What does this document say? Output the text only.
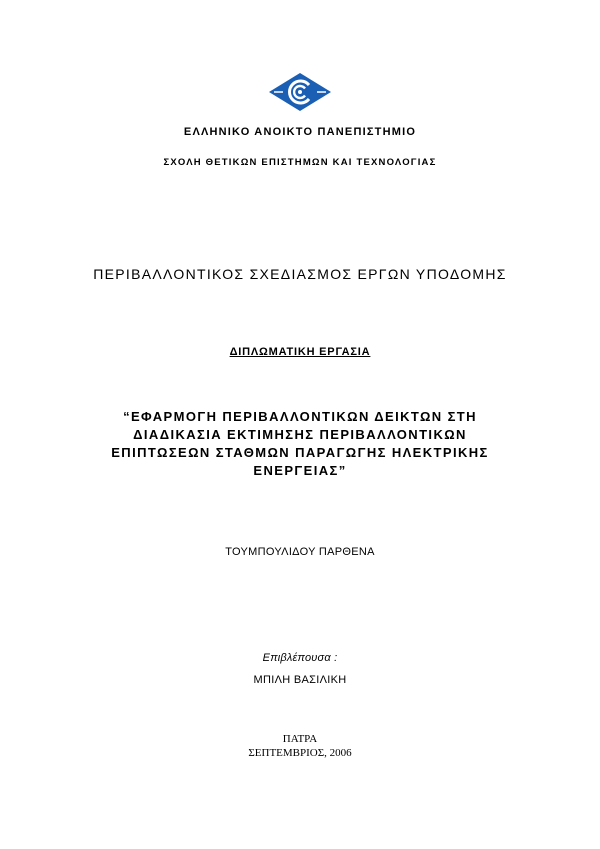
ΕΛΛΗΝΙΚΟ ΑΝΟΙΚΤΟ ΠΑΝΕΠΙΣΤΗΜΙΟ
ΣΧΟΛΗ ΘΕΤΙΚΩΝ ΕΠΙΣΤΗΜΩΝ ΚΑΙ ΤΕΧΝΟΛΟΓΙΑΣ
ΠΕΡΙΒΑΛΛΟΝΤΙΚΟΣ ΣΧΕΔΙΑΣΜΟΣ ΕΡΓΩΝ ΥΠΟΔΟΜΗΣ
ΔΙΠΛΩΜΑΤΙΚΗ ΕΡΓΑΣΙΑ
“ΕΦΑΡΜΟΓΗ ΠΕΡΙΒΑΛΛΟΝΤΙΚΩΝ ΔΕΙΚΤΩΝ ΣΤΗ ΔΙΑΔΙΚΑΣΙΑ ΕΚΤΙΜΗΣΗΣ ΠΕΡΙΒΑΛΛΟΝΤΙΚΩΝ ΕΠΙΠΤΩΣΕΩΝ ΣΤΑΘΜΩΝ ΠΑΡΑΓΩΓΗΣ ΗΛΕΚΤΡΙΚΗΣ ΕΝΕΡΓΕΙΑΣ”
ΤΟΥΜΠΟΥΛΙΔΟΥ ΠΑΡΘΕΝΑ
Επιβλέπουσα :
ΜΠΙΛΗ ΒΑΣΙΛΙΚΗ
ΠΑΤΡΑ
ΣΕΠΤΕΜΒΡΙΟΣ, 2006
